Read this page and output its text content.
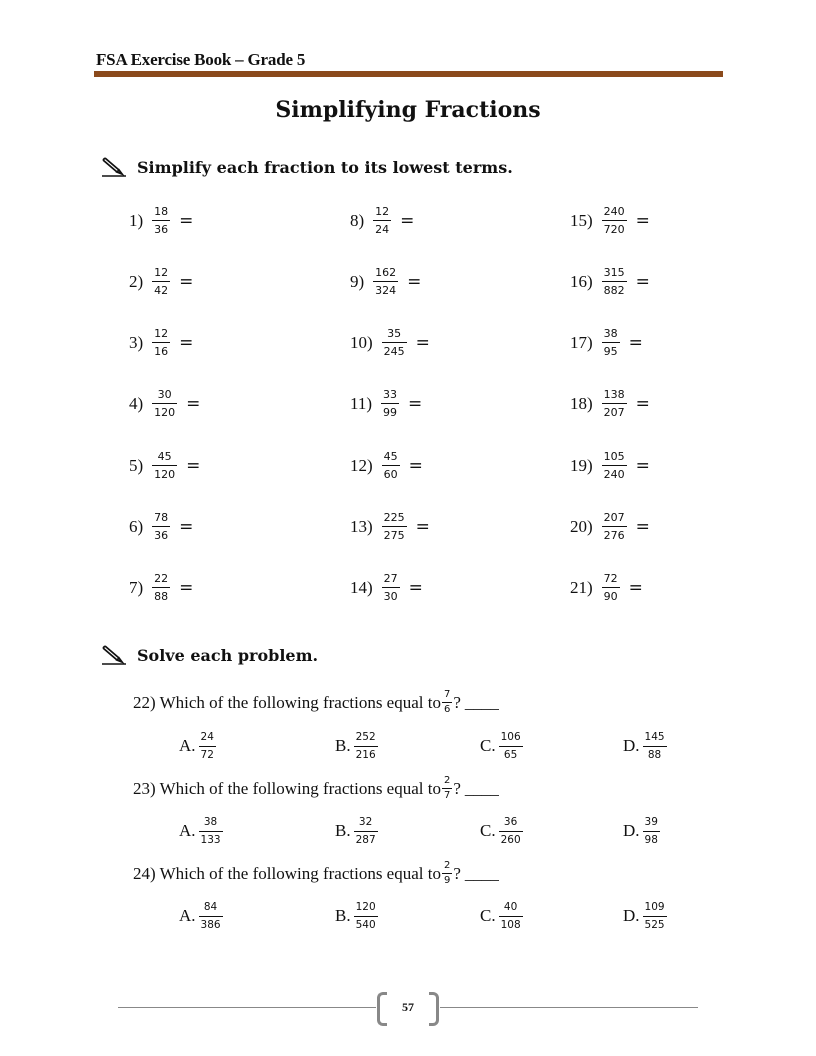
FSA Exercise Book – Grade 5
Simplifying Fractions
Simplify each fraction to its lowest terms.
$1) \frac{18}{36}$ =
$2) \frac{12}{42}$ =
$3) \frac{12}{16}$ =
$4) \frac{30}{120}$ =
$5) \frac{45}{120}$ =
$6) \frac{78}{36}$ =
$7) \frac{22}{88}$ =
$8) \frac{12}{24}$ =
$9) \frac{162}{324}$ =
$10) \frac{35}{245}$ =
$11) \frac{33}{99}$ =
$12) \frac{45}{60}$ =
$13) \frac{225}{275}$ =
$14) \frac{27}{30}$ =
$15) \frac{240}{720}$ =
$16) \frac{315}{882}$ =
$17) \frac{38}{95}$ =
$18) \frac{138}{207}$ =
$19) \frac{105}{240}$ =
$20) \frac{207}{276}$ =
$21) \frac{72}{90}$ =
Solve each problem.
22) Which of the following fractions equal to $\frac{7}{6}$ ? ____
A. $\frac{24}{72}$	B. $\frac{252}{216}$	C. $\frac{106}{65}$	D. $\frac{145}{88}$
23) Which of the following fractions equal to $\frac{2}{7}$ ? ____
A. $\frac{38}{133}$	B. $\frac{32}{287}$	C. $\frac{36}{260}$	D. $\frac{39}{98}$
24) Which of the following fractions equal to $\frac{2}{9}$ ? ____
A. $\frac{84}{386}$	B. $\frac{120}{540}$	C. $\frac{40}{108}$	D. $\frac{109}{525}$
57
